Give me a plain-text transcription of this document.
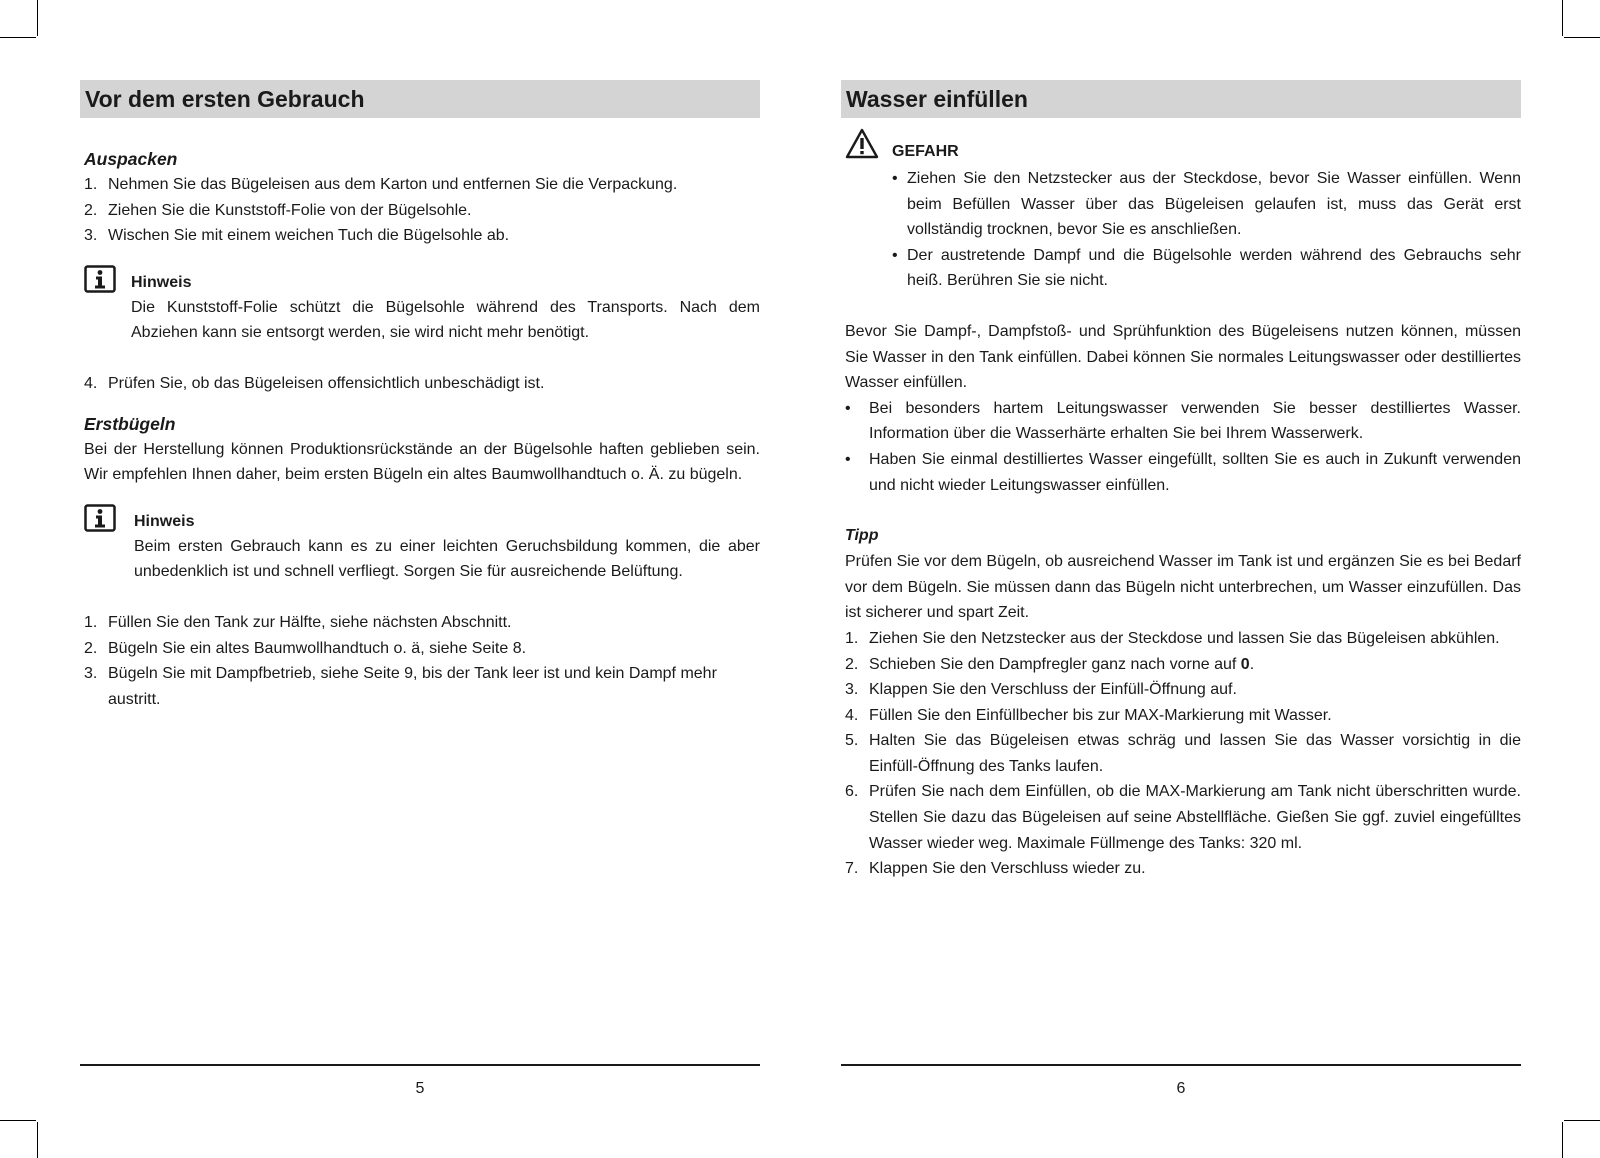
Vor dem ersten Gebrauch
Auspacken
1. Nehmen Sie das Bügeleisen aus dem Karton und entfernen Sie die Verpackung.
2. Ziehen Sie die Kunststoff-Folie von der Bügelsohle.
3. Wischen Sie mit einem weichen Tuch die Bügelsohle ab.
Hinweis
Die Kunststoff-Folie schützt die Bügelsohle während des Transports. Nach dem Abziehen kann sie entsorgt werden, sie wird nicht mehr benötigt.
4. Prüfen Sie, ob das Bügeleisen offensichtlich unbeschädigt ist.
Erstbügeln
Bei der Herstellung können Produktionsrückstände an der Bügelsohle haften geblieben sein. Wir empfehlen Ihnen daher, beim ersten Bügeln ein altes Baumwollhandtuch o. Ä. zu bügeln.
Hinweis
Beim ersten Gebrauch kann es zu einer leichten Geruchsbildung kommen, die aber unbedenklich ist und schnell verfliegt. Sorgen Sie für ausreichende Belüftung.
1. Füllen Sie den Tank zur Hälfte, siehe nächsten Abschnitt.
2. Bügeln Sie ein altes Baumwollhandtuch o. ä, siehe Seite 8.
3. Bügeln Sie mit Dampfbetrieb, siehe Seite 9, bis der Tank leer ist und kein Dampf mehr austritt.
5
Wasser einfüllen
GEFAHR
• Ziehen Sie den Netzstecker aus der Steckdose, bevor Sie Wasser einfüllen. Wenn beim Befüllen Wasser über das Bügeleisen gelaufen ist, muss das Gerät erst vollständig trocknen, bevor Sie es anschließen.
• Der austretende Dampf und die Bügelsohle werden während des Gebrauchs sehr heiß. Berühren Sie sie nicht.
Bevor Sie Dampf-, Dampfstoß- und Sprühfunktion des Bügeleisens nutzen können, müssen Sie Wasser in den Tank einfüllen. Dabei können Sie normales Leitungswasser oder destilliertes Wasser einfüllen.
• Bei besonders hartem Leitungswasser verwenden Sie besser destilliertes Wasser. Information über die Wasserhärte erhalten Sie bei Ihrem Wasserwerk.
• Haben Sie einmal destilliertes Wasser eingefüllt, sollten Sie es auch in Zukunft verwenden und nicht wieder Leitungswasser einfüllen.
Tipp
Prüfen Sie vor dem Bügeln, ob ausreichend Wasser im Tank ist und ergänzen Sie es bei Bedarf vor dem Bügeln. Sie müssen dann das Bügeln nicht unterbrechen, um Wasser einzufüllen. Das ist sicherer und spart Zeit.
1. Ziehen Sie den Netzstecker aus der Steckdose und lassen Sie das Bügeleisen abkühlen.
2. Schieben Sie den Dampfregler ganz nach vorne auf 0.
3. Klappen Sie den Verschluss der Einfüll-Öffnung auf.
4. Füllen Sie den Einfüllbecher bis zur MAX-Markierung mit Wasser.
5. Halten Sie das Bügeleisen etwas schräg und lassen Sie das Wasser vorsichtig in die Einfüll-Öffnung des Tanks laufen.
6. Prüfen Sie nach dem Einfüllen, ob die MAX-Markierung am Tank nicht überschritten wurde. Stellen Sie dazu das Bügeleisen auf seine Abstellfläche. Gießen Sie ggf. zuviel eingefülltes Wasser wieder weg. Maximale Füllmenge des Tanks: 320 ml.
7. Klappen Sie den Verschluss wieder zu.
6
